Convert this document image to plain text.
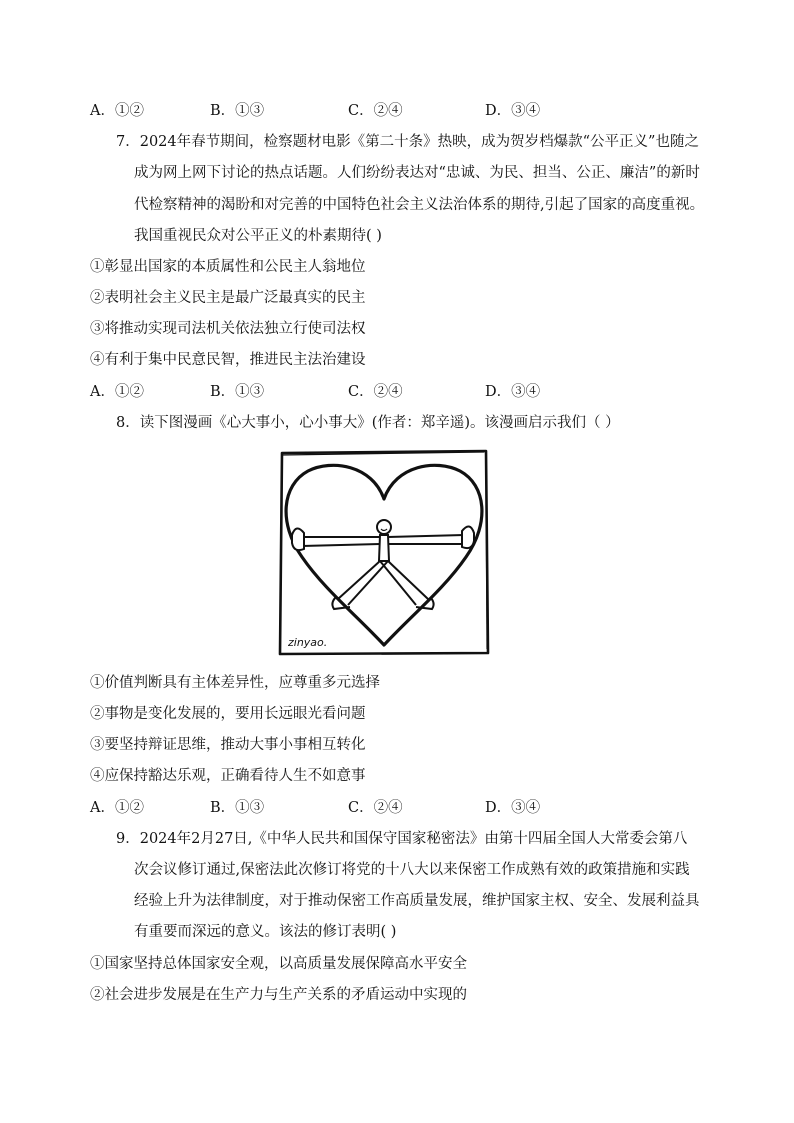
A．①②	B．①③	C．②④	D．③④
7．2024年春节期间，检察题材电影《第二十条》热映，成为贺岁档爆款“公平正义”也随之
成为网上网下讨论的热点话题。人们纷纷表达对“忠诚、为民、担当、公正、廉洁”的新时
代检察精神的渴盼和对完善的中国特色社会主义法治体系的期待,引起了国家的高度重视。
我国重视民众对公平正义的朴素期待( )
①彰显出国家的本质属性和公民主人翁地位
②表明社会主义民主是最广泛最真实的民主
③将推动实现司法机关依法独立行使司法权
④有利于集中民意民智，推进民主法治建设
A．①②	B．①③	C．②④	D．③④
8．读下图漫画《心大事小，心小事大》(作者：郑辛遥)。该漫画启示我们（ ）
zinyao.
①价值判断具有主体差异性，应尊重多元选择
②事物是变化发展的，要用长远眼光看问题
③要坚持辩证思维，推动大事小事相互转化
④应保持豁达乐观，正确看待人生不如意事
A．①②	B．①③	C．②④	D．③④
9．2024年2月27日,《中华人民共和国保守国家秘密法》由第十四届全国人大常委会第八
次会议修订通过,保密法此次修订将党的十八大以来保密工作成熟有效的政策措施和实践
经验上升为法律制度，对于推动保密工作高质量发展，维护国家主权、安全、发展利益具
有重要而深远的意义。该法的修订表明( )
①国家坚持总体国家安全观，以高质量发展保障高水平安全
②社会进步发展是在生产力与生产关系的矛盾运动中实现的
